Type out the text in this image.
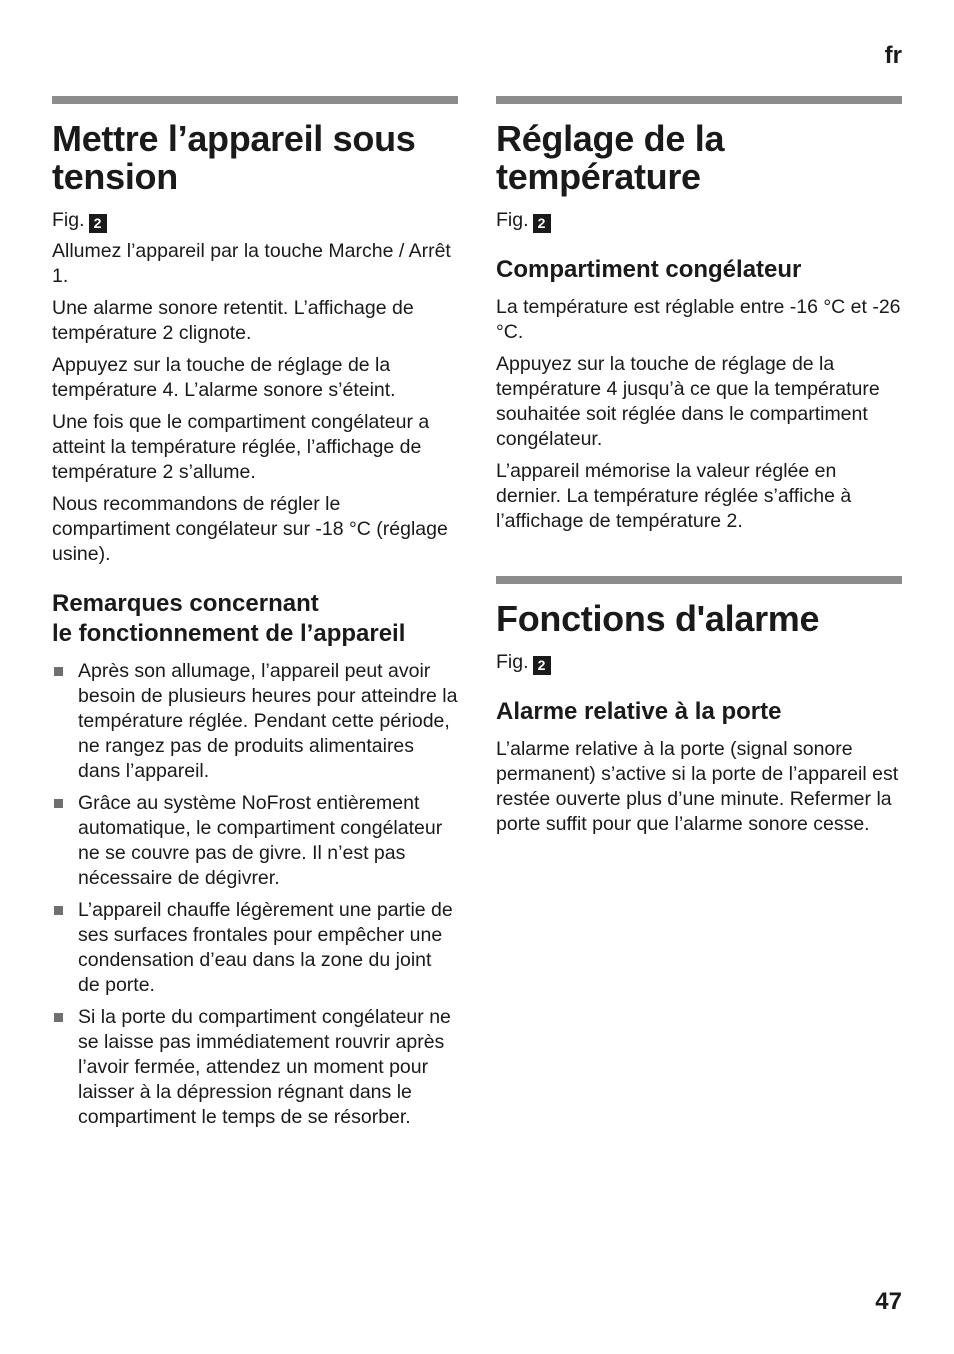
fr
Mettre l’appareil sous tension

Fig. 2

Allumez l’appareil par la touche Marche / Arrêt 1.

Une alarme sonore retentit. L’affichage de température 2 clignote.

Appuyez sur la touche de réglage de la température 4. L’alarme sonore s’éteint.

Une fois que le compartiment congélateur a atteint la température réglée, l’affichage de température 2 s’allume.

Nous recommandons de régler le compartiment congélateur sur -18 °C (réglage usine).

Remarques concernant
le fonctionnement de l’appareil
Après son allumage, l’appareil peut avoir besoin de plusieurs heures pour atteindre la température réglée. Pendant cette période, ne rangez pas de produits alimentaires dans l’appareil.
Grâce au système NoFrost entièrement automatique, le compartiment congélateur ne se couvre pas de givre. Il n’est pas nécessaire de dégivrer.
L’appareil chauffe légèrement une partie de ses surfaces frontales pour empêcher une condensation d’eau dans la zone du joint de porte.
Si la porte du compartiment congélateur ne se laisse pas immédiatement rouvrir après l’avoir fermée, attendez un moment pour laisser à la dépression régnant dans le compartiment le temps de se résorber.
Réglage de la
température

Fig. 2

Compartiment congélateur

La température est réglable entre -16 °C et -26 °C.

Appuyez sur la touche de réglage de la température 4 jusqu’à ce que la température souhaitée soit réglée dans le compartiment congélateur.

L’appareil mémorise la valeur réglée en dernier. La température réglée s’affiche à l’affichage de température 2.

Fonctions d'alarme

Fig. 2

Alarme relative à la porte

L’alarme relative à la porte (signal sonore permanent) s’active si la porte de l’appareil est restée ouverte plus d’une minute. Refermer la porte suffit pour que l’alarme sonore cesse.

47
